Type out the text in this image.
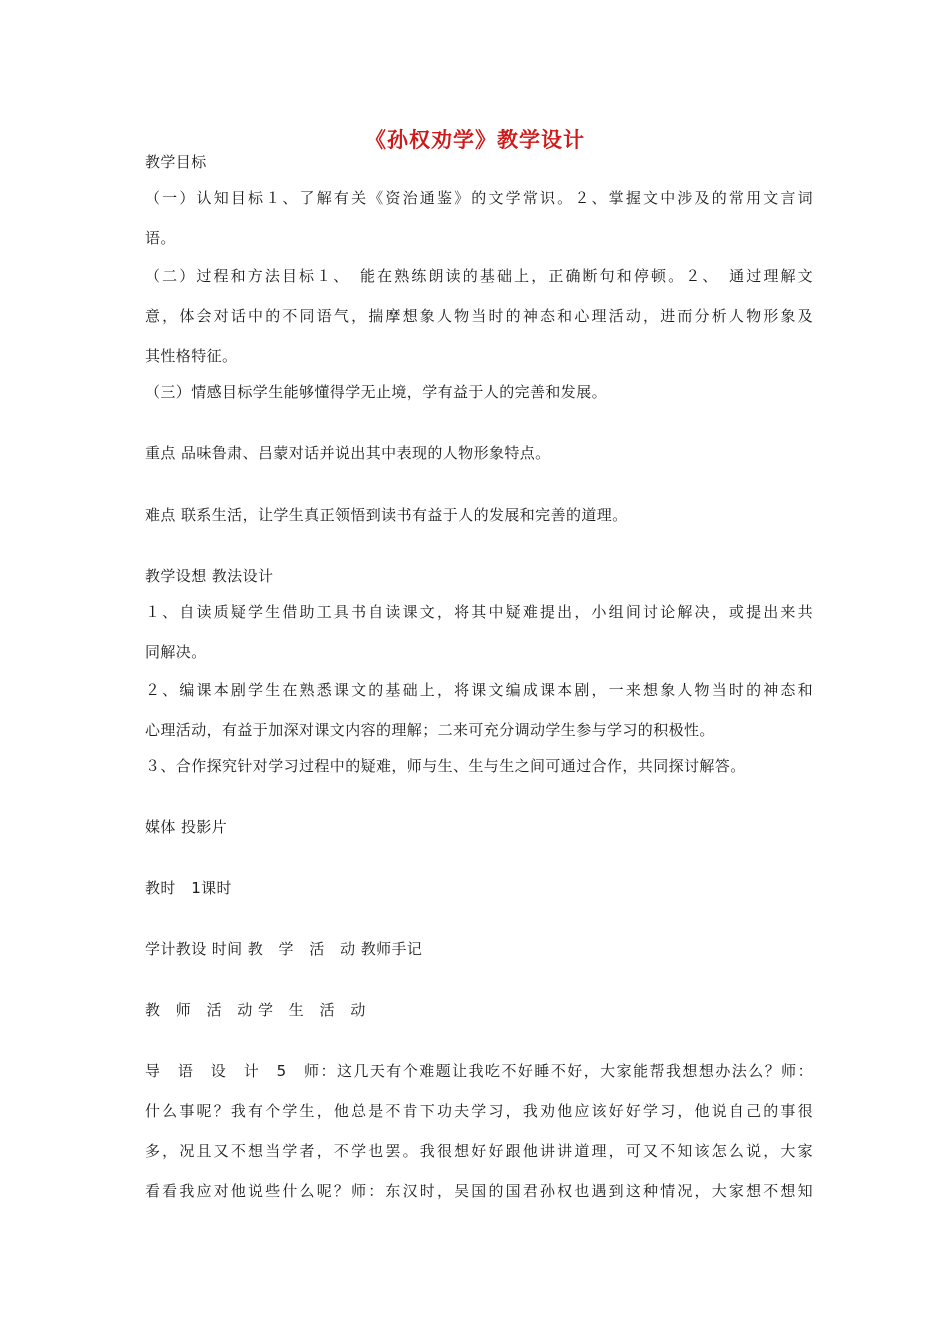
《孙权劝学》教学设计
教学目标
（一）认知目标１、了解有关《资治通鉴》的文学常识。２、掌握文中涉及的常用文言词
语。
（二）过程和方法目标１、　能在熟练朗读的基础上，正确断句和停顿。２、　通过理解文
意，体会对话中的不同语气，揣摩想象人物当时的神态和心理活动，进而分析人物形象及
其性格特征。
（三）情感目标学生能够懂得学无止境，学有益于人的完善和发展。
重点 品味鲁肃、吕蒙对话并说出其中表现的人物形象特点。
难点 联系生活，让学生真正领悟到读书有益于人的发展和完善的道理。
教学设想 教法设计
１、自读质疑学生借助工具书自读课文，将其中疑难提出，小组间讨论解决，或提出来共
同解决。
２、编课本剧学生在熟悉课文的基础上，将课文编成课本剧，一来想象人物当时的神态和
心理活动，有益于加深对课文内容的理解；二来可充分调动学生参与学习的积极性。
３、合作探究针对学习过程中的疑难，师与生、生与生之间可通过合作，共同探讨解答。
媒体 投影片
教时　1课时
学计教设 时间 教　学　活　动 教师手记
教　师　活　动 学　生　活　动
导　语　设　计　5　师：这几天有个难题让我吃不好睡不好，大家能帮我想想办法么？师：
什么事呢？我有个学生，他总是不肯下功夫学习，我劝他应该好好学习，他说自己的事很
多，况且又不想当学者，不学也罢。我很想好好跟他讲讲道理，可又不知该怎么说，大家
看看我应对他说些什么呢？师：东汉时，吴国的国君孙权也遇到这种情况，大家想不想知
